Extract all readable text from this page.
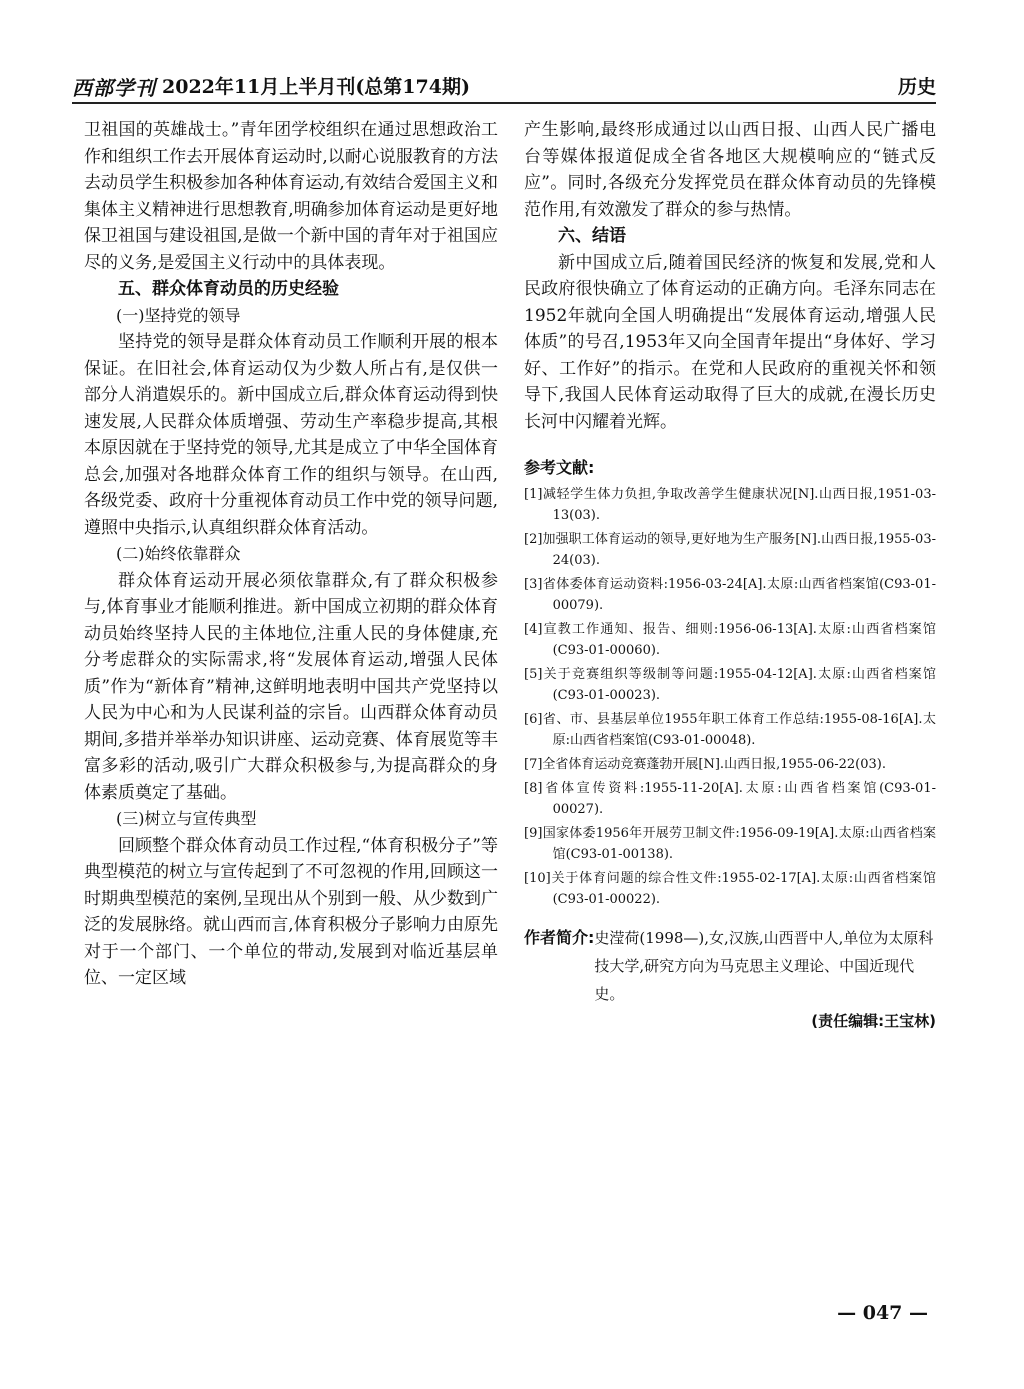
西部学刊 2022年11月上半月刊(总第174期)	历史

卫祖国的英雄战士。”青年团学校组织在通过思想政治工作和组织工作去开展体育运动时,以耐心说服教育的方法去动员学生积极参加各种体育运动,有效结合爱国主义和集体主义精神进行思想教育,明确参加体育运动是更好地保卫祖国与建设祖国,是做一个新中国的青年对于祖国应尽的义务,是爱国主义行动中的具体表现。

五、群众体育动员的历史经验
(一)坚持党的领导

坚持党的领导是群众体育动员工作顺利开展的根本保证。在旧社会,体育运动仅为少数人所占有,是仅供一部分人消遣娱乐的。新中国成立后,群众体育运动得到快速发展,人民群众体质增强、劳动生产率稳步提高,其根本原因就在于坚持党的领导,尤其是成立了中华全国体育总会,加强对各地群众体育工作的组织与领导。在山西,各级党委、政府十分重视体育动员工作中党的领导问题,遵照中央指示,认真组织群众体育活动。

(二)始终依靠群众

群众体育运动开展必须依靠群众,有了群众积极参与,体育事业才能顺利推进。新中国成立初期的群众体育动员始终坚持人民的主体地位,注重人民的身体健康,充分考虑群众的实际需求,将“发展体育运动,增强人民体质”作为“新体育”精神,这鲜明地表明中国共产党坚持以人民为中心和为人民谋利益的宗旨。山西群众体育动员期间,多措并举举办知识讲座、运动竞赛、体育展览等丰富多彩的活动,吸引广大群众积极参与,为提高群众的身体素质奠定了基础。

(三)树立与宣传典型

回顾整个群众体育动员工作过程,“体育积极分子”等典型模范的树立与宣传起到了不可忽视的作用,回顾这一时期典型模范的案例,呈现出从个别到一般、从少数到广泛的发展脉络。就山西而言,体育积极分子影响力由原先对于一个部门、一个单位的带动,发展到对临近基层单位、一定区域

产生影响,最终形成通过以山西日报、山西人民广播电台等媒体报道促成全省各地区大规模响应的“链式反应”。同时,各级充分发挥党员在群众体育动员的先锋模范作用,有效激发了群众的参与热情。

六、结语

新中国成立后,随着国民经济的恢复和发展,党和人民政府很快确立了体育运动的正确方向。毛泽东同志在1952年就向全国人明确提出“发展体育运动,增强人民体质”的号召,1953年又向全国青年提出“身体好、学习好、工作好”的指示。在党和人民政府的重视关怀和领导下,我国人民体育运动取得了巨大的成就,在漫长历史长河中闪耀着光辉。

参考文献:
[1]减轻学生体力负担,争取改善学生健康状况[N].山西日报,1951-03-13(03).
[2]加强职工体育运动的领导,更好地为生产服务[N].山西日报,1955-03-24(03).
[3]省体委体育运动资料:1956-03-24[A].太原:山西省档案馆(C93-01-00079).
[4]宣教工作通知、报告、细则:1956-06-13[A].太原:山西省档案馆(C93-01-00060).
[5]关于竞赛组织等级制等问题:1955-04-12[A].太原:山西省档案馆(C93-01-00023).
[6]省、市、县基层单位1955年职工体育工作总结:1955-08-16[A].太原:山西省档案馆(C93-01-00048).
[7]全省体育运动竞赛蓬勃开展[N].山西日报,1955-06-22(03).
[8]省体宣传资料:1955-11-20[A].太原:山西省档案馆(C93-01-00027).
[9]国家体委1956年开展劳卫制文件:1956-09-19[A].太原:山西省档案馆(C93-01-00138).
[10]关于体育问题的综合性文件:1955-02-17[A].太原:山西省档案馆(C93-01-00022).
作者简介: 史滢荷(1998—),女,汉族,山西晋中人,单位为太原科技大学,研究方向为马克思主义理论、中国近现代史。
(责任编辑:王宝林)
— 047 —
